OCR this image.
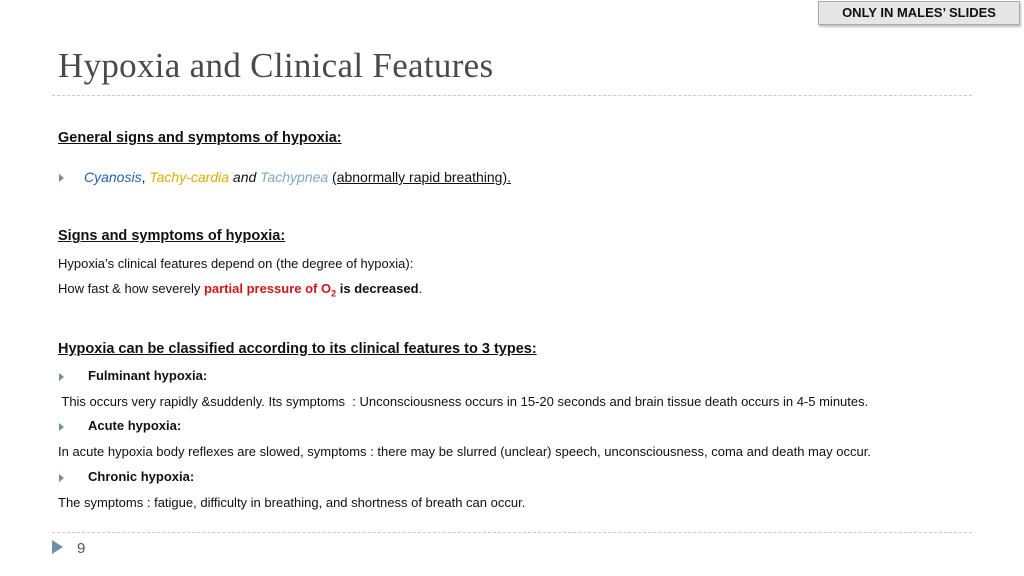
ONLY IN MALES’ SLIDES
Hypoxia and Clinical Features
General signs and symptoms of hypoxia:
Cyanosis, Tachy-cardia and Tachypnea (abnormally rapid breathing).
Signs and symptoms of hypoxia:
Hypoxia’s clinical features depend on (the degree of hypoxia):
How fast & how severely partial pressure of $O_2$ is decreased.
Hypoxia can be classified according to its clinical features to 3 types:
Fulminant hypoxia:
This occurs very rapidly &suddenly. Its symptoms  : Unconsciousness occurs in 15-20 seconds and brain tissue death occurs in 4-5 minutes.
Acute hypoxia:
In acute hypoxia body reflexes are slowed, symptoms : there may be slurred (unclear) speech, unconsciousness, coma and death may occur.
Chronic hypoxia:
The symptoms : fatigue, difficulty in breathing, and shortness of breath can occur.
9
